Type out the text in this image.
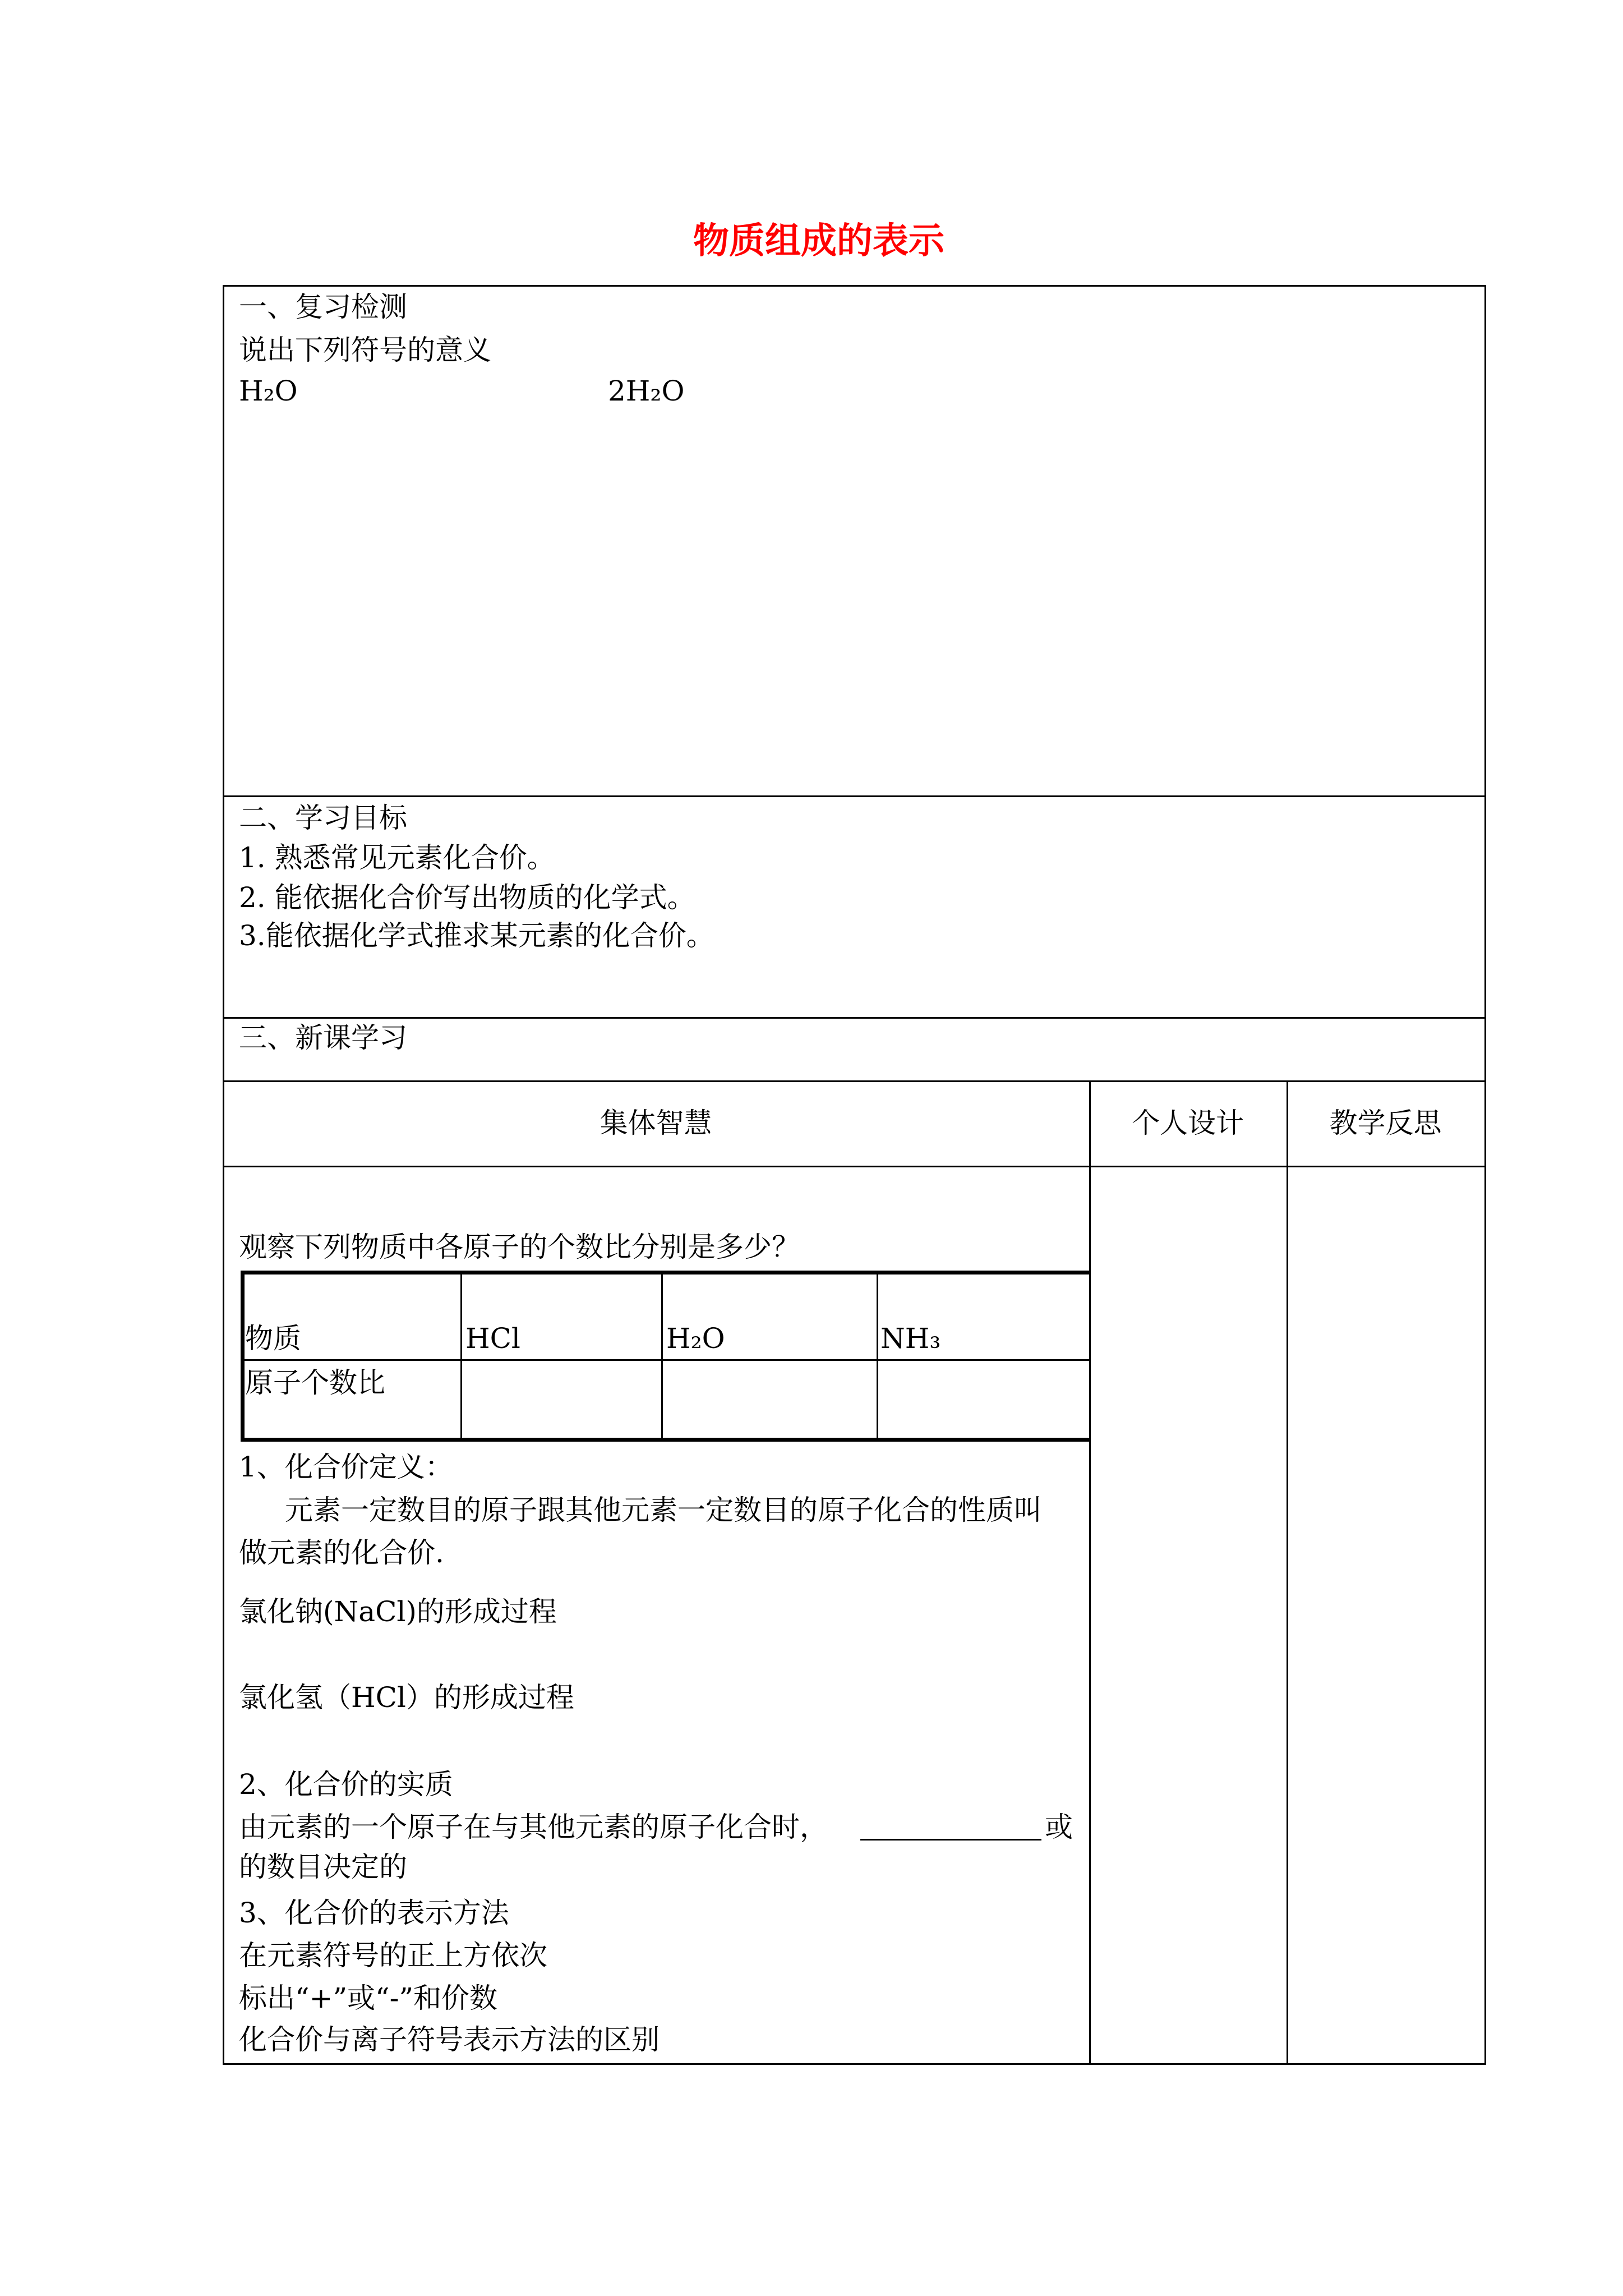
物质组成的表示
一、复习检测
说出下列符号的意义
H₂O	2H₂O
二、学习目标
1. 熟悉常见元素化合价。
2. 能依据化合价写出物质的化学式。
3.能依据化学式推求某元素的化合价。
三、新课学习
集体智慧	个人设计	教学反思
观察下列物质中各原子的个数比分别是多少？
物质	HCl	H₂O	NH₃
原子个数比
1、化合价定义：
元素一定数目的原子跟其他元素一定数目的原子化合的性质叫
做元素的化合价.
氯化钠(NaCl)的形成过程
氯化氢（HCl）的形成过程
2、化合价的实质
由元素的一个原子在与其他元素的原子化合时，	或
的数目决定的
3、化合价的表示方法
在元素符号的正上方依次
标出“+”或“-”和价数
化合价与离子符号表示方法的区别
